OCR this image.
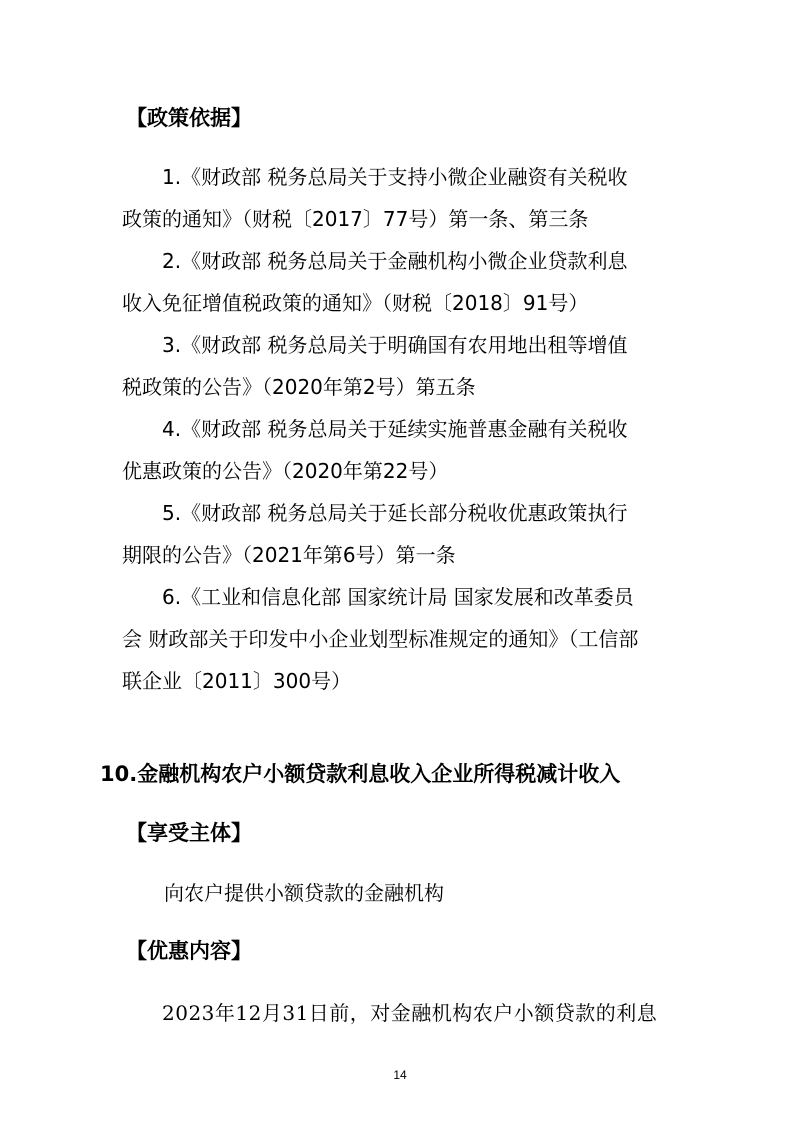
【政策依据】
1.《财政部 税务总局关于支持小微企业融资有关税收
政策的通知》（财税〔2017〕77号）第一条、第三条
2.《财政部 税务总局关于金融机构小微企业贷款利息
收入免征增值税政策的通知》（财税〔2018〕91号）
3.《财政部 税务总局关于明确国有农用地出租等增值
税政策的公告》（2020年第2号）第五条
4.《财政部 税务总局关于延续实施普惠金融有关税收
优惠政策的公告》（2020年第22号）
5.《财政部 税务总局关于延长部分税收优惠政策执行
期限的公告》（2021年第6号）第一条
6.《工业和信息化部 国家统计局 国家发展和改革委员
会 财政部关于印发中小企业划型标准规定的通知》（工信部
联企业〔2011〕300号）
10.金融机构农户小额贷款利息收入企业所得税减计收入
【享受主体】
向农户提供小额贷款的金融机构
【优惠内容】
2023年12月31日前，对金融机构农户小额贷款的利息
14
